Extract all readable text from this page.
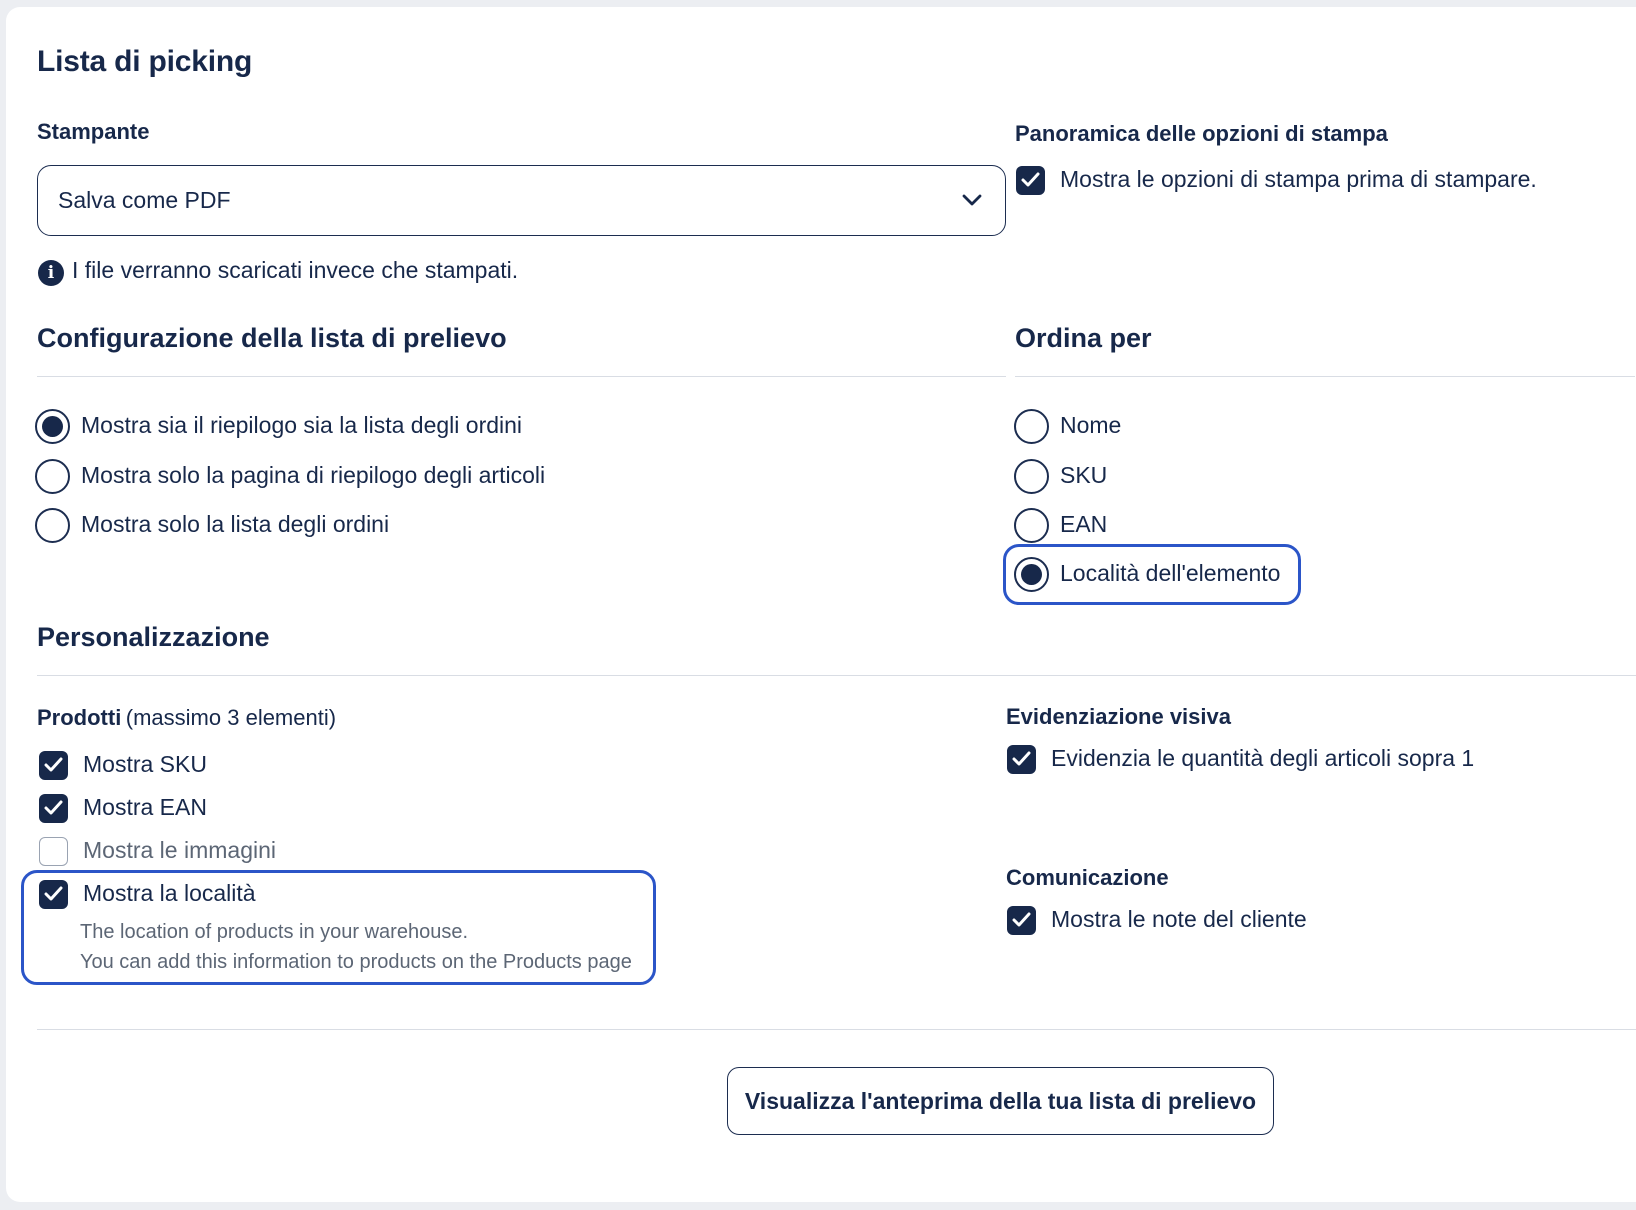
Lista di picking
Stampante
Salva come PDF
i I file verranno scaricati invece che stampati.
Panoramica delle opzioni di stampa
Mostra le opzioni di stampa prima di stampare.
Configurazione della lista di prelievo
Mostra sia il riepilogo sia la lista degli ordini
Mostra solo la pagina di riepilogo degli articoli
Mostra solo la lista degli ordini
Ordina per
Nome
SKU
EAN
Località dell'elemento
Personalizzazione
Prodotti (massimo 3 elementi)
Mostra SKU
Mostra EAN
Mostra le immagini
Mostra la località
The location of products in your warehouse.
You can add this information to products on the Products page
Evidenziazione visiva
Evidenzia le quantità degli articoli sopra 1
Comunicazione
Mostra le note del cliente
Visualizza l'anteprima della tua lista di prelievo
